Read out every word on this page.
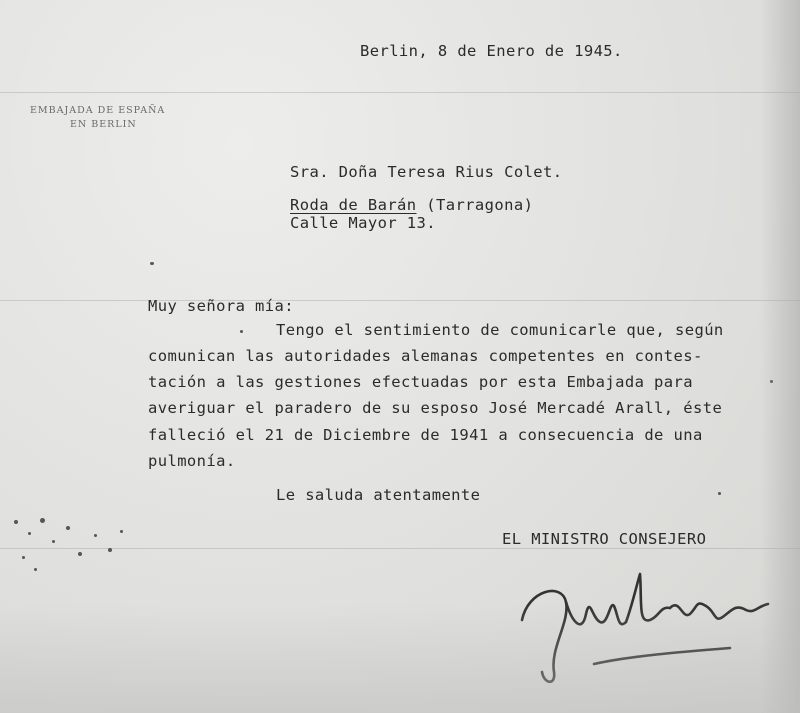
EMBAJADA DE ESPAÑA
EN BERLIN
Berlin, 8 de Enero de 1945.
Sra. Doña Teresa Rius Colet.
Roda de Barán (Tarragona)
Calle Mayor 13.
Muy señora mía:
Tengo el sentimiento de comunicarle que, según
comunican las autoridades alemanas competentes en contes-
tación a las gestiones efectuadas por esta Embajada para
averiguar el paradero de su esposo José Mercadé Arall, éste
falleció el 21 de Diciembre de 1941 a consecuencia de una
pulmonía.
Le saluda atentamente
EL MINISTRO CONSEJERO
